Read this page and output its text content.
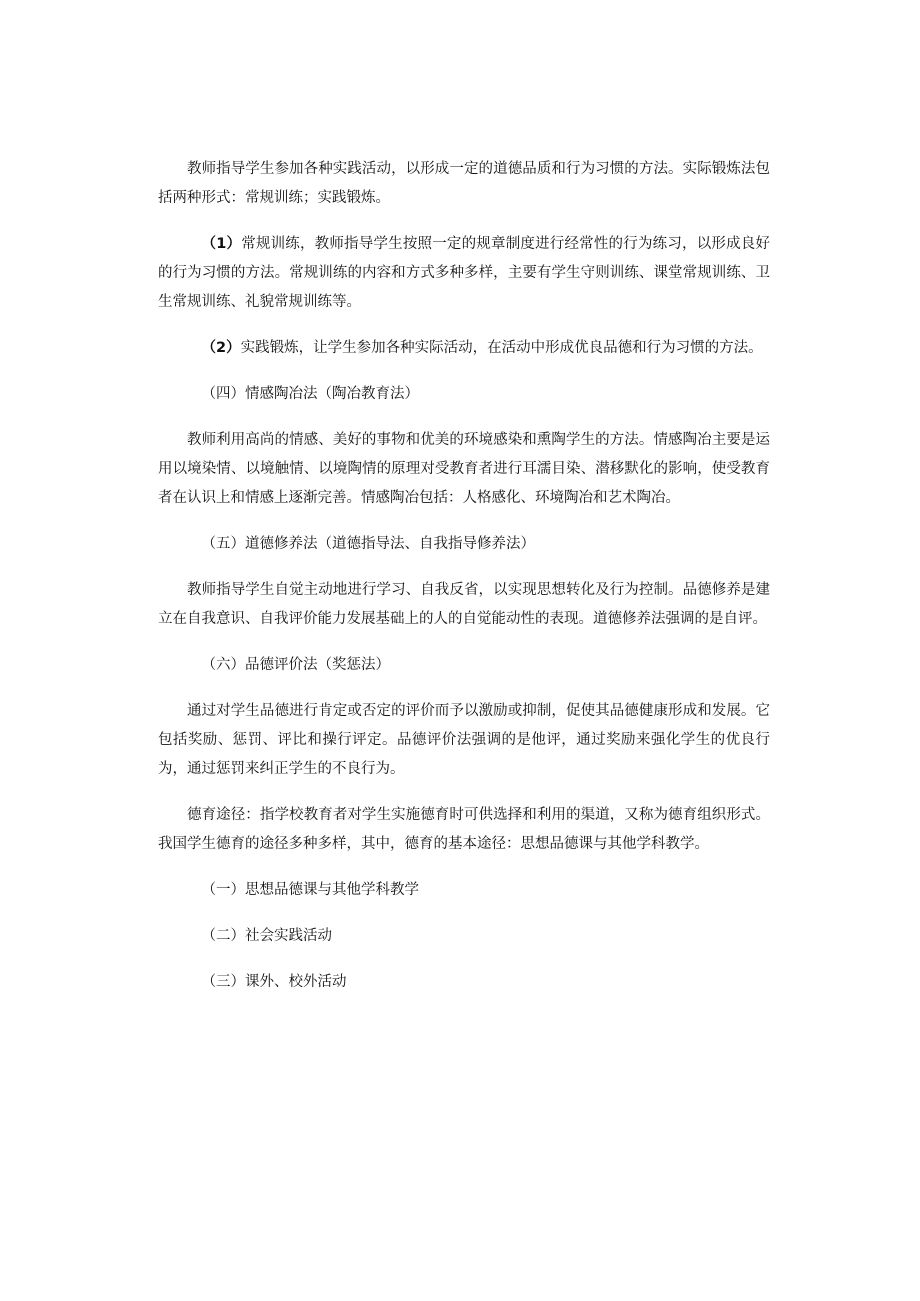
教师指导学生参加各种实践活动，以形成一定的道德品质和行为习惯的方法。实际锻炼法包括两种形式：常规训练；实践锻炼。

（1）常规训练，教师指导学生按照一定的规章制度进行经常性的行为练习，以形成良好的行为习惯的方法。常规训练的内容和方式多种多样，主要有学生守则训练、课堂常规训练、卫生常规训练、礼貌常规训练等。

（2）实践锻炼，让学生参加各种实际活动，在活动中形成优良品德和行为习惯的方法。

（四）情感陶冶法（陶冶教育法）

教师利用高尚的情感、美好的事物和优美的环境感染和熏陶学生的方法。情感陶冶主要是运用以境染情、以境触情、以境陶情的原理对受教育者进行耳濡目染、潜移默化的影响，使受教育者在认识上和情感上逐渐完善。情感陶冶包括：人格感化、环境陶冶和艺术陶冶。

（五）道德修养法（道德指导法、自我指导修养法）

教师指导学生自觉主动地进行学习、自我反省，以实现思想转化及行为控制。品德修养是建立在自我意识、自我评价能力发展基础上的人的自觉能动性的表现。道德修养法强调的是自评。

（六）品德评价法（奖惩法）

通过对学生品德进行肯定或否定的评价而予以激励或抑制，促使其品德健康形成和发展。它包括奖励、惩罚、评比和操行评定。品德评价法强调的是他评，通过奖励来强化学生的优良行为，通过惩罚来纠正学生的不良行为。

德育途径：指学校教育者对学生实施德育时可供选择和利用的渠道，又称为德育组织形式。我国学生德育的途径多种多样，其中，德育的基本途径：思想品德课与其他学科教学。

（一）思想品德课与其他学科教学

（二）社会实践活动

（三）课外、校外活动
